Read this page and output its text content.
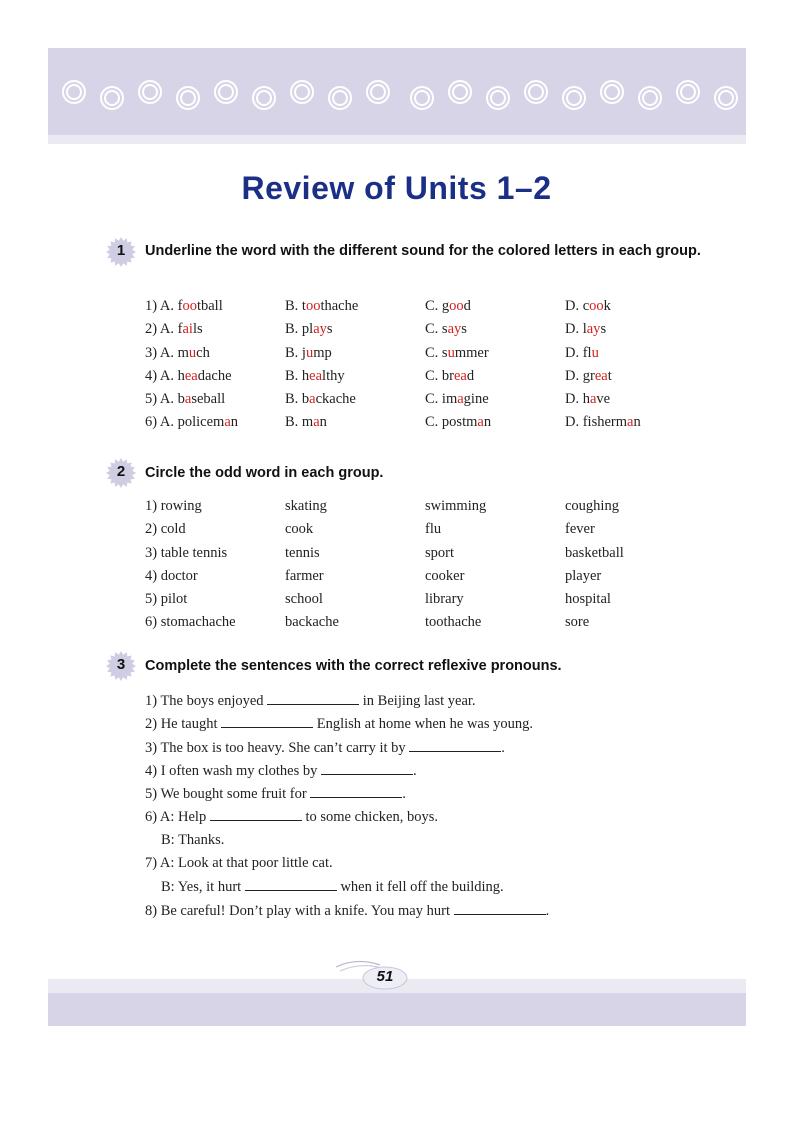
Review of Units 1–2
1	Underline the word with the different sound for the colored letters in each group.
1) A. football	B. toothache	C. good	D. cook
2) A. fails	B. plays	C. says	D. lays
3) A. much	B. jump	C. summer	D. flu
4) A. headache	B. healthy	C. bread	D. great
5) A. baseball	B. backache	C. imagine	D. have
6) A. policeman	B. man	C. postman	D. fisherman
2	Circle the odd word in each group.
1) rowing	skating	swimming	coughing
2) cold	cook	flu	fever
3) table tennis	tennis	sport	basketball
4) doctor	farmer	cooker	player
5) pilot	school	library	hospital
6) stomachache	backache	toothache	sore
3	Complete the sentences with the correct reflexive pronouns.
1) The boys enjoyed	in Beijing last year.
2) He taught	English at home when he was young.
3) The box is too heavy. She can’t carry it by	.
4) I often wash my clothes by	.
5) We bought some fruit for	.
6) A: Help	to some chicken, boys.
B: Thanks.
7) A: Look at that poor little cat.
B: Yes, it hurt	when it fell off the building.
8) Be careful! Don’t play with a knife. You may hurt	.
51
